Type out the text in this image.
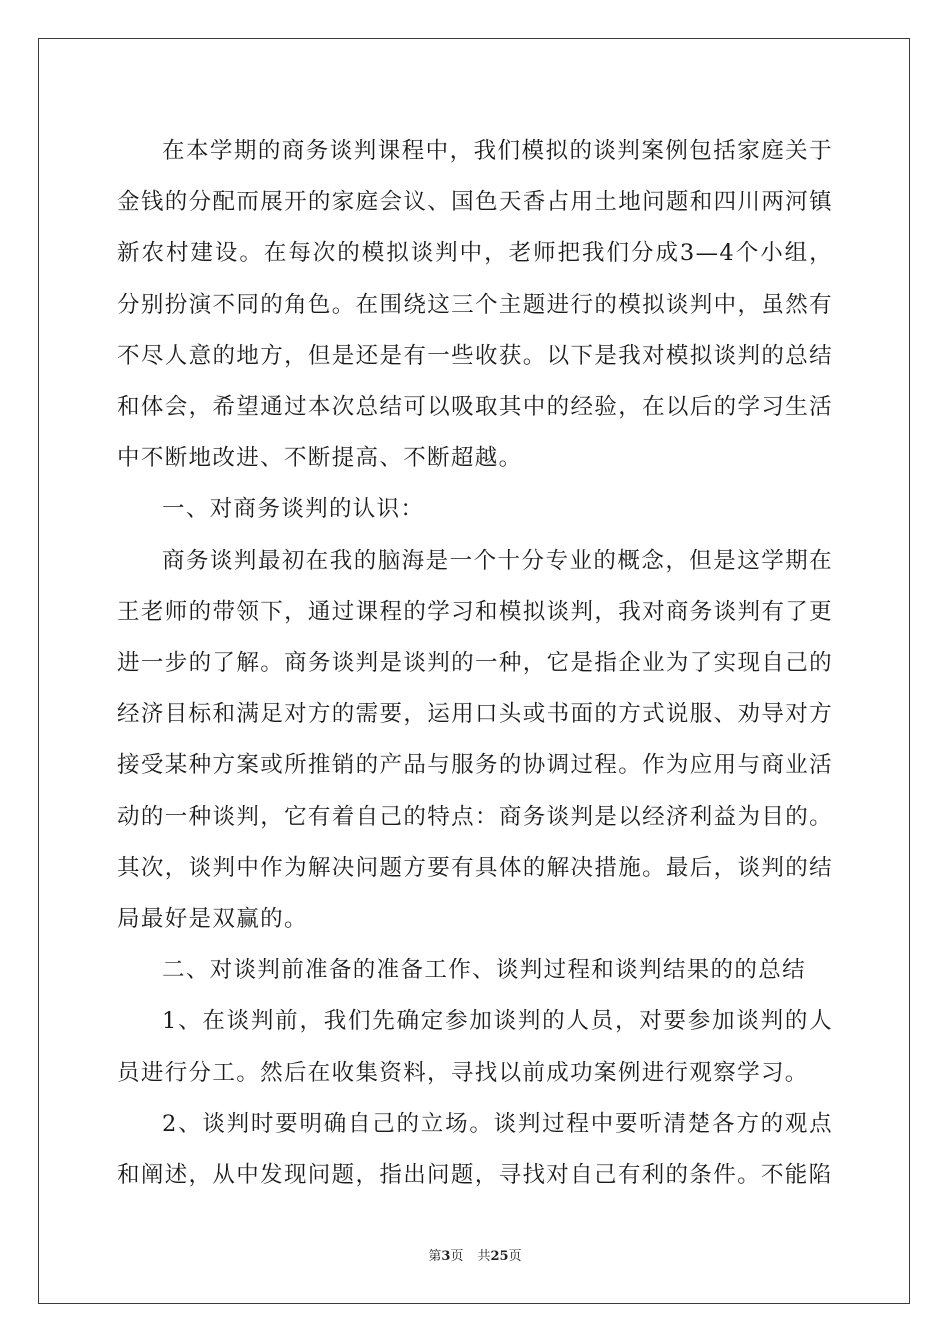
在本学期的商务谈判课程中，我们模拟的谈判案例包括家庭关于金钱的分配而展开的家庭会议、国色天香占用土地问题和四川两河镇新农村建设。在每次的模拟谈判中，老师把我们分成3—4个小组，分别扮演不同的角色。在围绕这三个主题进行的模拟谈判中，虽然有不尽人意的地方，但是还是有一些收获。以下是我对模拟谈判的总结和体会，希望通过本次总结可以吸取其中的经验，在以后的学习生活中不断地改进、不断提高、不断超越。

一、对商务谈判的认识：

商务谈判最初在我的脑海是一个十分专业的概念，但是这学期在王老师的带领下，通过课程的学习和模拟谈判，我对商务谈判有了更进一步的了解。商务谈判是谈判的一种，它是指企业为了实现自己的经济目标和满足对方的需要，运用口头或书面的方式说服、劝导对方接受某种方案或所推销的产品与服务的协调过程。作为应用与商业活动的一种谈判，它有着自己的特点：商务谈判是以经济利益为目的。其次，谈判中作为解决问题方要有具体的解决措施。最后，谈判的结局最好是双赢的。

二、对谈判前准备的准备工作、谈判过程和谈判结果的的总结

1、在谈判前，我们先确定参加谈判的人员，对要参加谈判的人员进行分工。然后在收集资料，寻找以前成功案例进行观察学习。

2、谈判时要明确自己的立场。谈判过程中要听清楚各方的观点和阐述，从中发现问题，指出问题，寻找对自己有利的条件。不能陷

第3页 共25页
